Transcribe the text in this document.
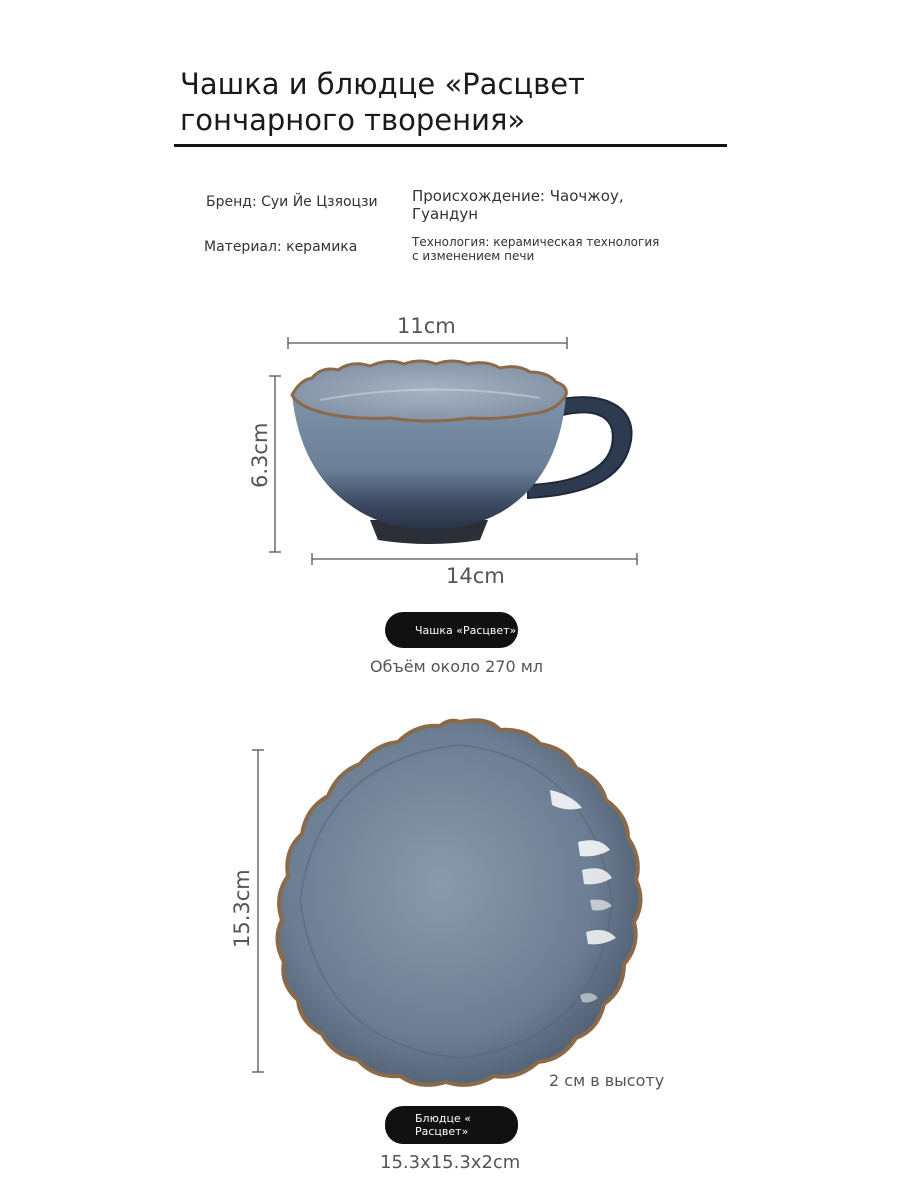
Чашка и блюдце «Расцвет
гончарного творения»
Бренд: Суи Йе Цзяоцзи Происхождение: Чаочжоу, Гуандун
Материал: керамика	Технология: керамическая технология с изменением печи
11cm
6.3cm
14cm
Чашка «Расцвет»
Объём около 270 мл
15.3cm
2 см в высоту
Блюдце « Расцвет»
15.3x15.3x2cm
